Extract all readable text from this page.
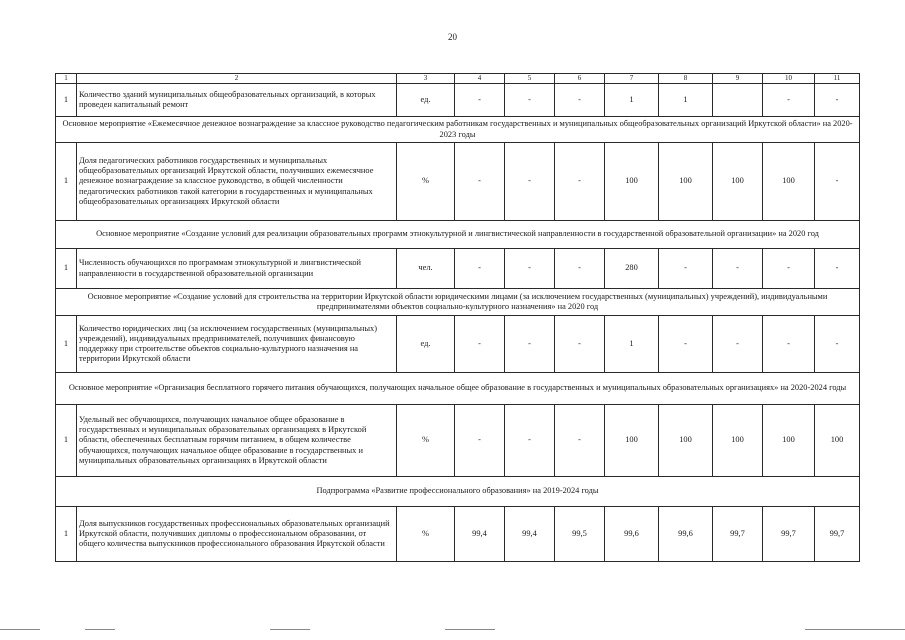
20
1	2	3	4	5	6	7	8	9	10	11
1	Количество зданий муниципальных общеобразовательных организаций, в которых проведен капитальный ремонт	ед.	-	-	-	1	1		-	-
Основное мероприятие «Ежемесячное денежное вознаграждение за классное руководство педагогическим работникам государственных и муниципальных общеобразовательных организаций Иркутской области» на 2020-2023 годы										
1	Доля педагогических работников государственных и муниципальных общеобразовательных организаций Иркутской области, получивших ежемесячное денежное вознаграждение за классное руководство, в общей численности педагогических работников такой категории в государственных и муниципальных общеобразовательных организациях Иркутской области	%	-	-	-	100	100	100	100	-
Основное мероприятие «Создание условий для реализации образовательных программ этнокультурной и лингвистической направленности в государственной образовательной организации» на 2020 год										
1	Численность обучающихся по программам этнокультурной и лингвистической направленности в государственной образовательной организации	чел.	-	-	-	280	-	-	-	-
Основное мероприятие «Создание условий для строительства на территории Иркутской области юридическими лицами (за исключением государственных (муниципальных) учреждений), индивидуальными предпринимателями объектов социально-культурного назначения» на 2020 год										
1	Количество юридических лиц (за исключением государственных (муниципальных) учреждений), индивидуальных предпринимателей, получивших финансовую поддержку при строительстве объектов социально-культурного назначения на территории Иркутской области	ед.	-	-	-	1	-	-	-	-
Основное мероприятие «Организация бесплатного горячего питания обучающихся, получающих начальное общее образование в государственных и муниципальных образовательных организациях» на 2020-2024 годы										
1	Удельный вес обучающихся, получающих начальное общее образование в государственных и муниципальных образовательных организациях в Иркутской области, обеспеченных бесплатным горячим питанием, в общем количестве обучающихся, получающих начальное общее образование в государственных и муниципальных образовательных организациях в Иркутской области	%	-	-	-	100	100	100	100	100
Подпрограмма «Развитие профессионального образования» на 2019-2024 годы										
1	Доля выпускников государственных профессиональных образовательных организаций Иркутской области, получивших дипломы о профессиональном образовании, от общего количества выпускников профессионального образования Иркутской области	%	99,4	99,4	99,5	99,6	99,6	99,7	99,7	99,7
